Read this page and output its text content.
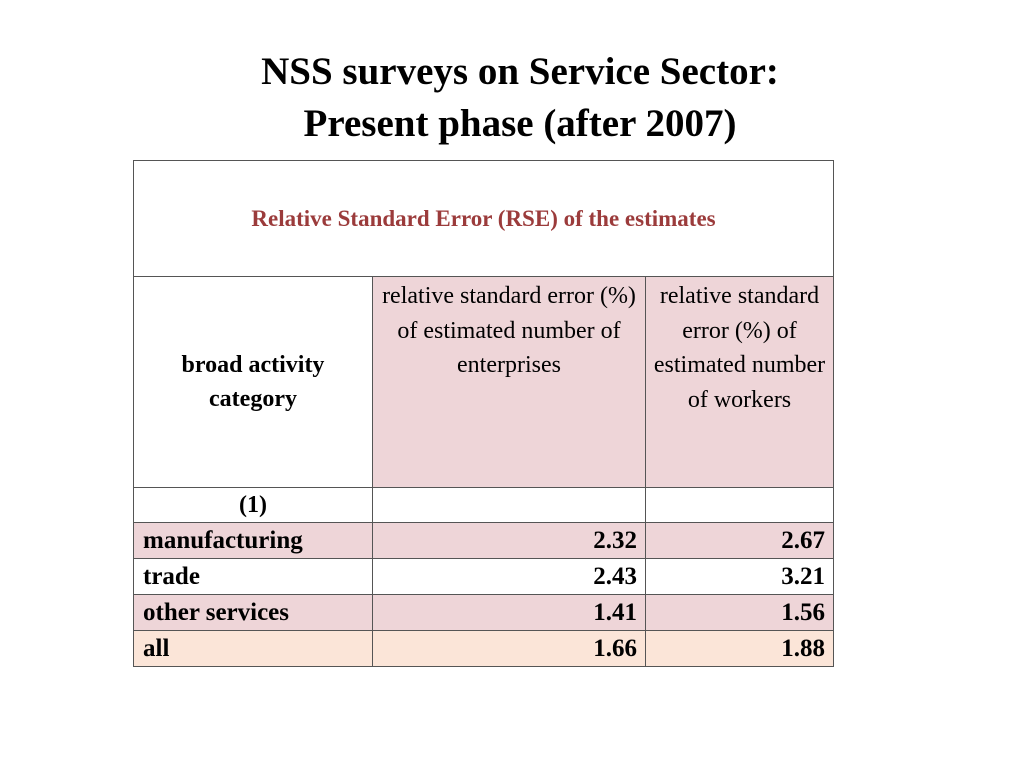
NSS surveys on Service Sector:
Present phase (after 2007)
Relative Standard Error (RSE) of the estimates		

broad activity category	relative standard error (%) of estimated number of enterprises	relative standard error (%) of estimated number of workers

(1)		
manufacturing	2.32	2.67
trade	2.43	3.21
other services	1.41	1.56
all	1.66	1.88
